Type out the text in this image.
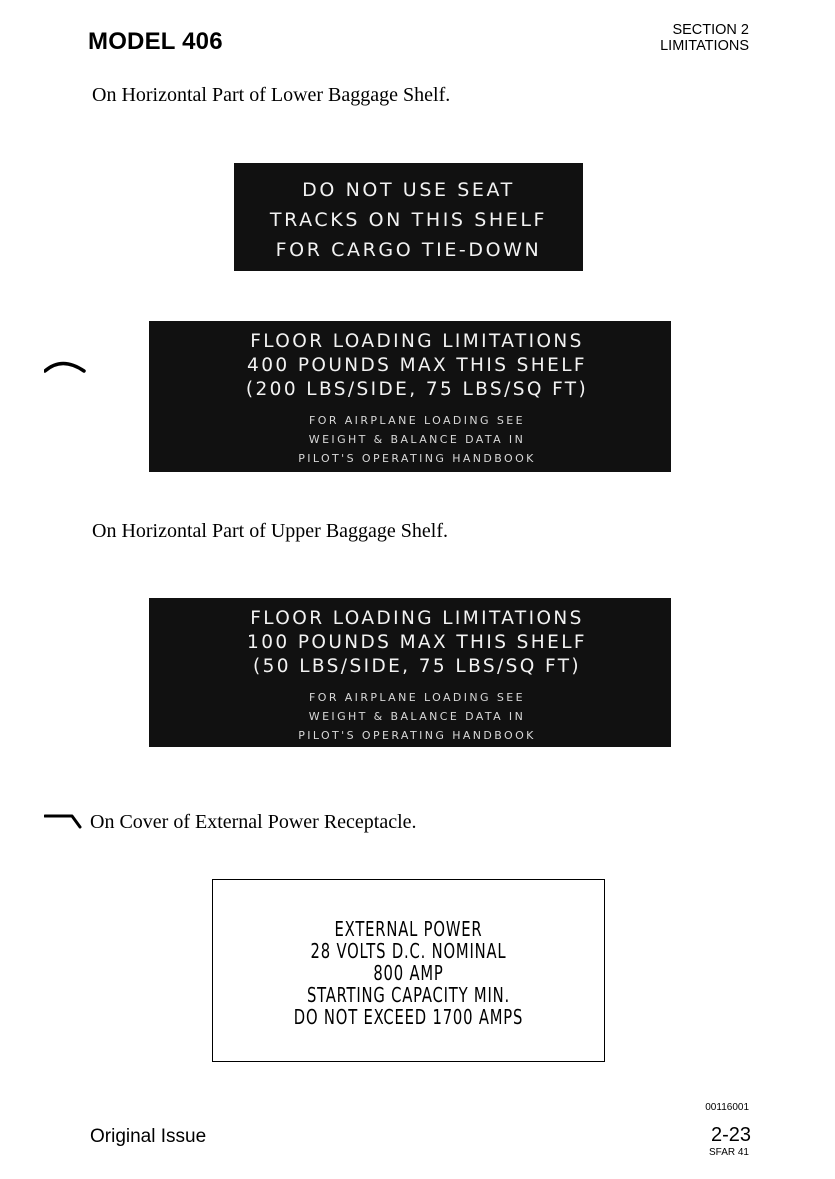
MODEL 406	SECTION 2
LIMITATIONS
On Horizontal Part of Lower Baggage Shelf.
DO NOT USE SEAT
TRACKS ON THIS SHELF
FOR CARGO TIE-DOWN
FLOOR LOADING LIMITATIONS
400 POUNDS MAX THIS SHELF
(200 LBS/SIDE, 75 LBS/SQ FT)
FOR AIRPLANE LOADING SEE
WEIGHT & BALANCE DATA IN
PILOT'S OPERATING HANDBOOK
On Horizontal Part of Upper Baggage Shelf.
FLOOR LOADING LIMITATIONS
100 POUNDS MAX THIS SHELF
(50 LBS/SIDE, 75 LBS/SQ FT)
FOR AIRPLANE LOADING SEE
WEIGHT & BALANCE DATA IN
PILOT'S OPERATING HANDBOOK
On Cover of External Power Receptacle.
EXTERNAL POWER
28 VOLTS D.C. NOMINAL
800 AMP
STARTING CAPACITY MIN.
DO NOT EXCEED 1700 AMPS
00116001
Original Issue	2-23
SFAR 41
